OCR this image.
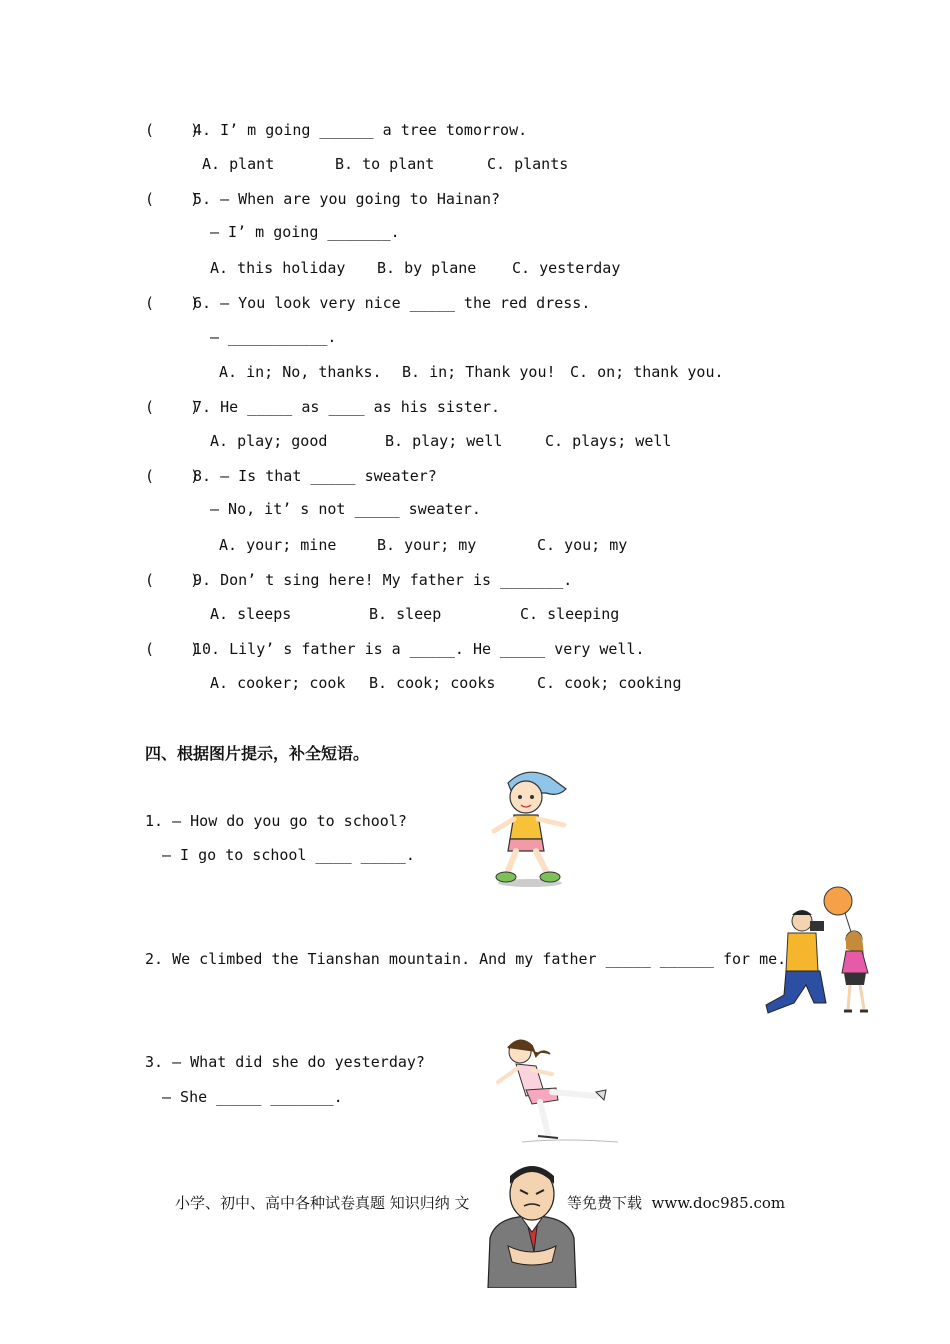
(    )
4. I’ m going ______ a tree tomorrow.
A. plant	B. to plant	C. plants
(    )
5. — When are you going to Hainan?
— I’ m going _______.
A. this holiday B. by plane C. yesterday
(    )
6. — You look very nice _____ the red dress.
— ___________.
A. in; No, thanks. B. in; Thank you! C. on; thank you.
(    )
7. He _____ as ____ as his sister.
A. play; good	B. play; well	C. plays; well
(    )
8. — Is that _____ sweater?
— No, it’ s not _____ sweater.
A. your; mine	B. your; my	C. you; my
(    )
9. Don’ t sing here! My father is _______.
A. sleeps	B. sleep	C. sleeping
(    )
10. Lily’ s father is a _____. He _____ very well.
A. cooker; cook B. cook; cooks	C. cook; cooking
四、根据图片提示，补全短语。
1. — How do you go to school?
— I go to school ____ _____.
2. We climbed the Tianshan mountain. And my father _____ ______ for me.
3. — What did she do yesterday?
— She _____ _______.
小学、初中、高中各种试卷真题 知识归纳 文	等免费下载  www.doc985.com
